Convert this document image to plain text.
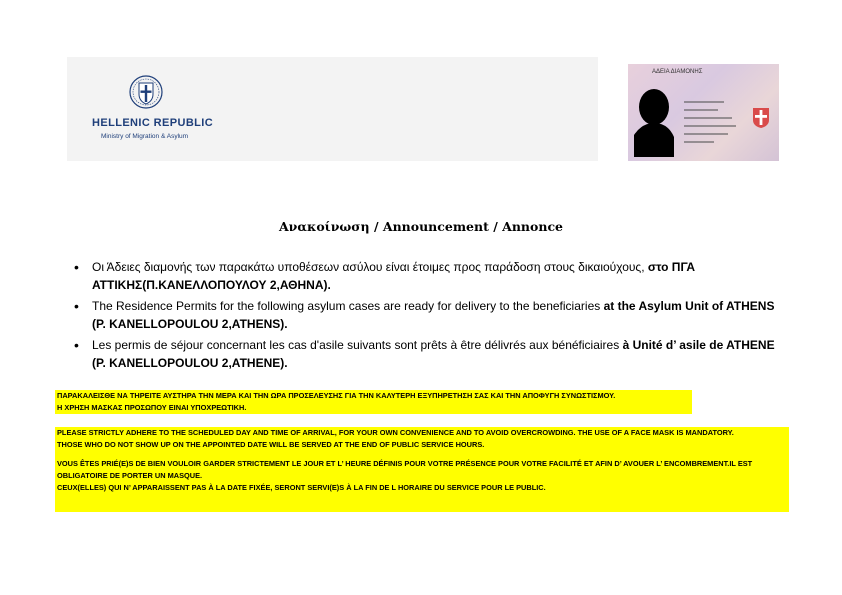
HELLENIC REPUBLIC
Ministry of Migration & Asylum
ΑΔΕΙΑ ΔΙΑΜΟΝΗΣ
Ανακοίνωση / Announcement / Annonce
• Οι Άδειες διαμονής των παρακάτω υποθέσεων ασύλου είναι έτοιμες προς παράδοση στους δικαιούχους, στο ΠΓΑ ΑΤΤΙΚΗΣ(Π.ΚΑΝΕΛΛΟΠΟΥΛΟΥ 2,ΑΘΗΝΑ).
• The Residence Permits for the following asylum cases are ready for delivery to the beneficiaries at the Asylum Unit of ATHENS (P. KANELLOPOULOU 2,ATHENS).
• Les permis de séjour concernant les cas d'asile suivants sont prêts à être délivrés aux bénéficiaires à Unité d’ asile de ATHENE (P. KANELLOPOULOU 2,ATHENE).
ΠΑΡΑΚΑΛΕΙΣΘΕ ΝΑ ΤΗΡΕΙΤΕ ΑΥΣΤΗΡΑ ΤΗΝ ΜΕΡΑ ΚΑΙ ΤΗΝ ΩΡΑ ΠΡΟΣΕΛΕΥΣΗΣ ΓΙΑ ΤΗΝ ΚΑΛΥΤΕΡΗ ΕΞΥΠΗΡΕΤΗΣΗ ΣΑΣ ΚΑΙ ΤΗΝ ΑΠΟΦΥΓΗ ΣΥΝΩΣΤΙΣΜΟΥ.
Η ΧΡΗΣΗ ΜΑΣΚΑΣ ΠΡΟΣΩΠΟΥ ΕΙΝΑΙ ΥΠΟΧΡΕΩΤΙΚΗ.

PLEASE STRICTLY ADHERE TO THE SCHEDULED DAY AND TIME OF ARRIVAL, FOR YOUR OWN CONVENIENCE AND TO AVOID OVERCROWDING. THE USE OF A FACE MASK IS MANDATORY.

THOSE WHO DO NOT SHOW UP ON THE APPOINTED DATE WILL BE SERVED AT THE END OF PUBLIC SERVICE HOURS.

VOUS ÊTES PRIÉ(E)S DE BIEN VOULOIR GARDER STRICTEMENT LE JOUR ET L’ HEURE DÉFINIS POUR VOTRE PRÉSENCE POUR VOTRE FACILITÉ ET AFIN D’ AVOUER L’ ENCOMBREMENT.IL EST OBLIGATOIRE DE PORTER UN MASQUE.

CEUX(ELLES) QUI N’ APPARAISSENT PAS À LA DATE FIXÉE, SERONT SERVI(E)S À LA FIN DE L HORAIRE DU SERVICE POUR LE PUBLIC.
